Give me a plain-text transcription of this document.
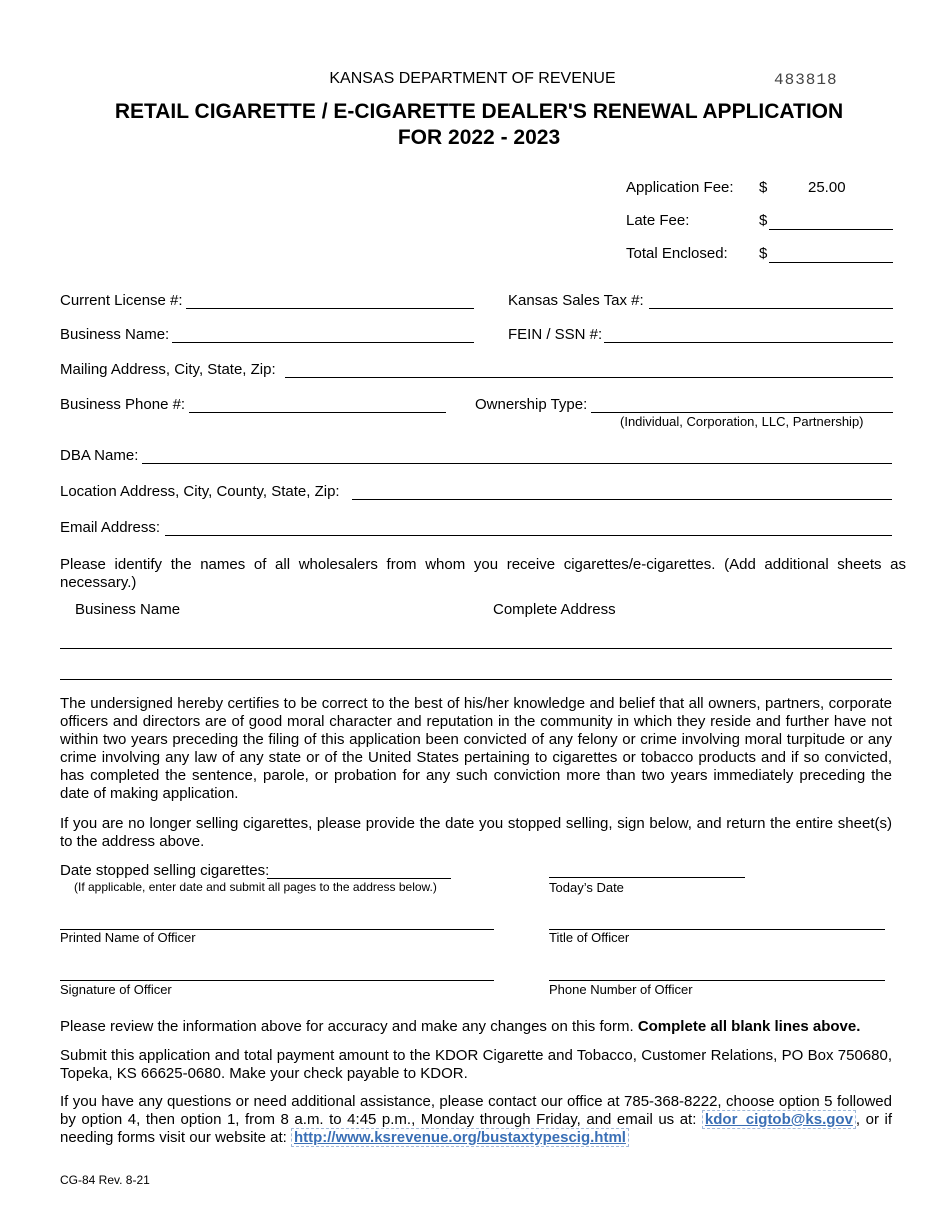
KANSAS DEPARTMENT OF REVENUE	483818
RETAIL CIGARETTE / E-CIGARETTE DEALER'S RENEWAL APPLICATION
FOR 2022 - 2023
Application Fee: $	25.00
Late Fee:	$
Total Enclosed: $
Current License #:	Kansas Sales Tax #:
Business Name:	FEIN / SSN #:
Mailing Address, City, State, Zip:
Business Phone #:	Ownership Type:
(Individual, Corporation, LLC, Partnership)
DBA Name:
Location Address, City, County, State, Zip:
Email Address:
Please identify the names of all wholesalers from whom you receive cigarettes/e-cigarettes. (Add additional sheets as necessary.)
Business Name	Complete Address
The undersigned hereby certifies to be correct to the best of his/her knowledge and belief that all owners, partners, corporate officers and directors are of good moral character and reputation in the community in which they reside and further have not within two years preceding the filing of this application been convicted of any felony or crime involving moral turpitude or any crime involving any law of any state or of the United States pertaining to cigarettes or tobacco products and if so convicted, has completed the sentence, parole, or probation for any such conviction more than two years immediately preceding the date of making application.
If you are no longer selling cigarettes, please provide the date you stopped selling, sign below, and return the entire sheet(s) to the address above.
Date stopped selling cigarettes:
(If applicable, enter date and submit all pages to the address below.)	Today’s Date
Printed Name of Officer	Title of Officer
Signature of Officer	Phone Number of Officer
Please review the information above for accuracy and make any changes on this form. Complete all blank lines above.
Submit this application and total payment amount to the KDOR Cigarette and Tobacco, Customer Relations, PO Box 750680, Topeka, KS 66625-0680. Make your check payable to KDOR.
If you have any questions or need additional assistance, please contact our office at 785-368-8222, choose option 5 followed by option 4, then option 1, from 8 a.m. to 4:45 p.m., Monday through Friday, and email us at: kdor_cigtob@ks.gov , or if needing forms visit our website at: http://www.ksrevenue.org/bustaxtypescig.html
CG-84 Rev. 8-21
